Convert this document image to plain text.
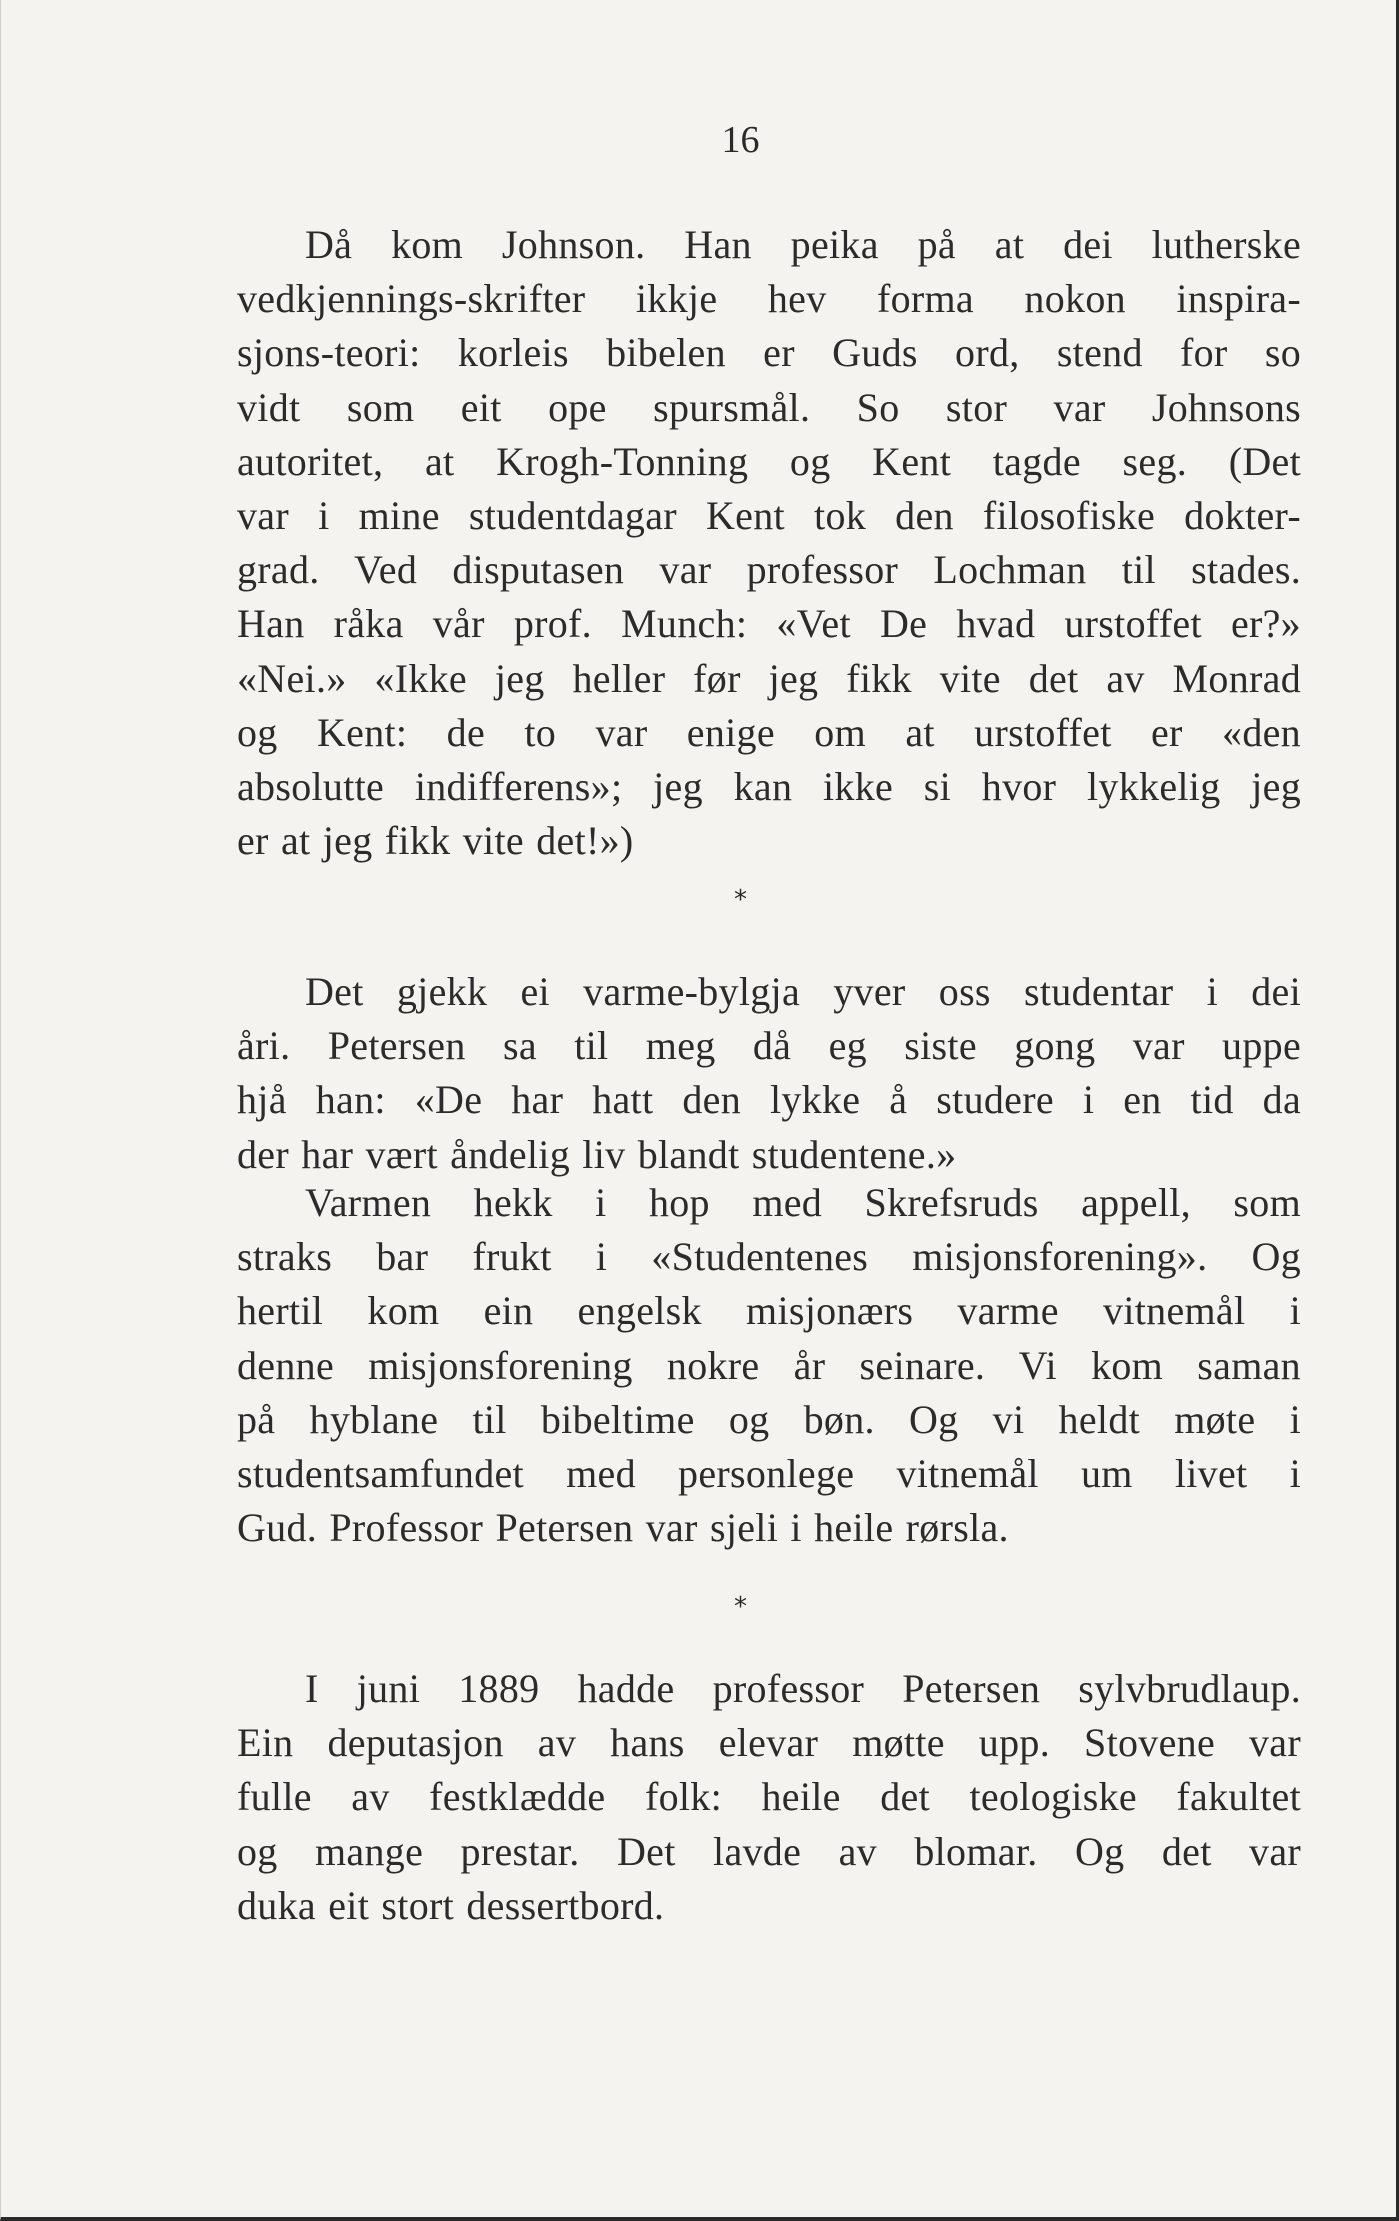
16

Då kom Johnson. Han peika på at dei lutherske
vedkjennings-skrifter ikkje hev forma nokon inspira-
sjons-teori: korleis bibelen er Guds ord, stend for so
vidt som eit ope spursmål. So stor var Johnsons
autoritet, at Krogh-Tonning og Kent tagde seg. (Det
var i mine studentdagar Kent tok den filosofiske dokter-
grad. Ved disputasen var professor Lochman til stades.
Han råka vår prof. Munch: «Vet De hvad urstoffet er?»
«Nei.» «Ikke jeg heller før jeg fikk vite det av Monrad
og Kent: de to var enige om at urstoffet er «den
absolutte indifferens»; jeg kan ikke si hvor lykkelig jeg
er at jeg fikk vite det!»)

Det gjekk ei varme-bylgja yver oss studentar i dei
åri. Petersen sa til meg då eg siste gong var uppe
hjå han: «De har hatt den lykke å studere i en tid da
der har vært åndelig liv blandt studentene.»

Varmen hekk i hop med Skrefsruds appell, som
straks bar frukt i «Studentenes misjonsforening». Og
hertil kom ein engelsk misjonærs varme vitnemål i
denne misjonsforening nokre år seinare. Vi kom saman
på hyblane til bibeltime og bøn. Og vi heldt møte i
studentsamfundet med personlege vitnemål um livet i
Gud. Professor Petersen var sjeli i heile rørsla.

I juni 1889 hadde professor Petersen sylvbrudlaup.
Ein deputasjon av hans elevar møtte upp. Stovene var
fulle av festklædde folk: heile det teologiske fakultet
og mange prestar. Det lavde av blomar. Og det var
duka eit stort dessertbord.

*
*
